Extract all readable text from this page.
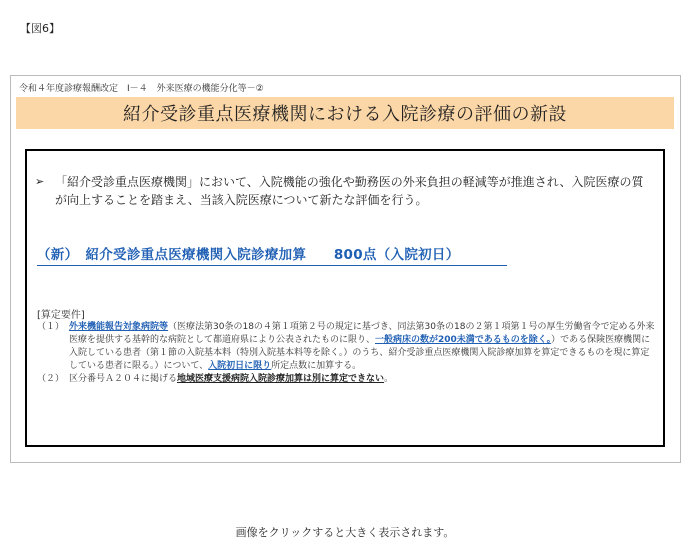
【図6】
令和４年度診療報酬改定　Ⅰ－４　外来医療の機能分化等－②
紹介受診重点医療機関における入院診療の評価の新設
➢ 「紹介受診重点医療機関」において、入院機能の強化や勤務医の外来負担の軽減等が推進され、入院医療の質が向上することを踏まえ、当該入院医療について新たな評価を行う。
（新）　紹介受診重点医療機関入院診療加算　　800点（入院初日）
[算定要件]
（１） 外来機能報告対象病院等（医療法第30条の18の４第１項第２号の規定に基づき、同法第30条の18の２第１項第１号の厚生労働省令で定める外来医療を提供する基幹的な病院として都道府県により公表されたものに限り、一般病床の数が200未満であるものを除く。）である保険医療機関に入院している患者（第１節の入院基本料（特別入院基本料等を除く。）のうち、紹介受診重点医療機関入院診療加算を算定できるものを現に算定している患者に限る。）について、入院初日に限り所定点数に加算する。
（２） 区分番号Ａ２０４に掲げる地域医療支援病院入院診療加算は別に算定できない。
画像をクリックすると大きく表示されます。
